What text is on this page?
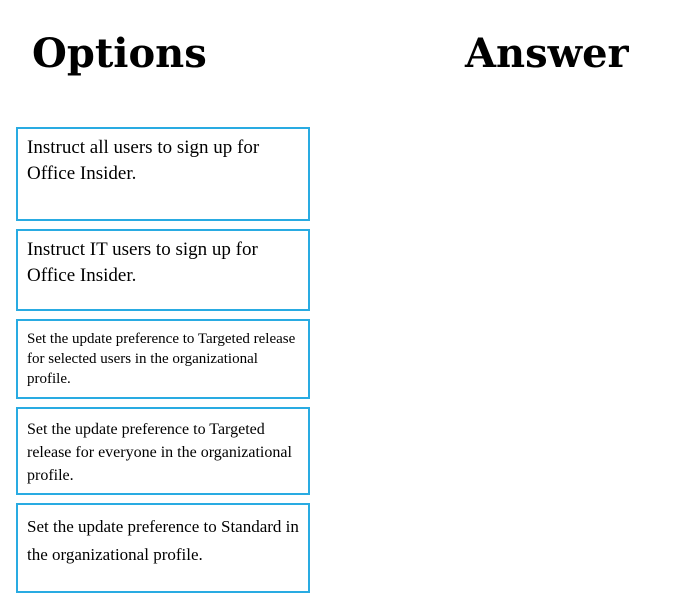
Options	Answer
Instruct all users to sign up for Office Insider.
Instruct IT users to sign up for Office Insider.
Set the update preference to Targeted release for selected users in the organizational profile.
Set the update preference to Targeted release for everyone in the organizational profile.
Set the update preference to Standard in the organizational profile.
